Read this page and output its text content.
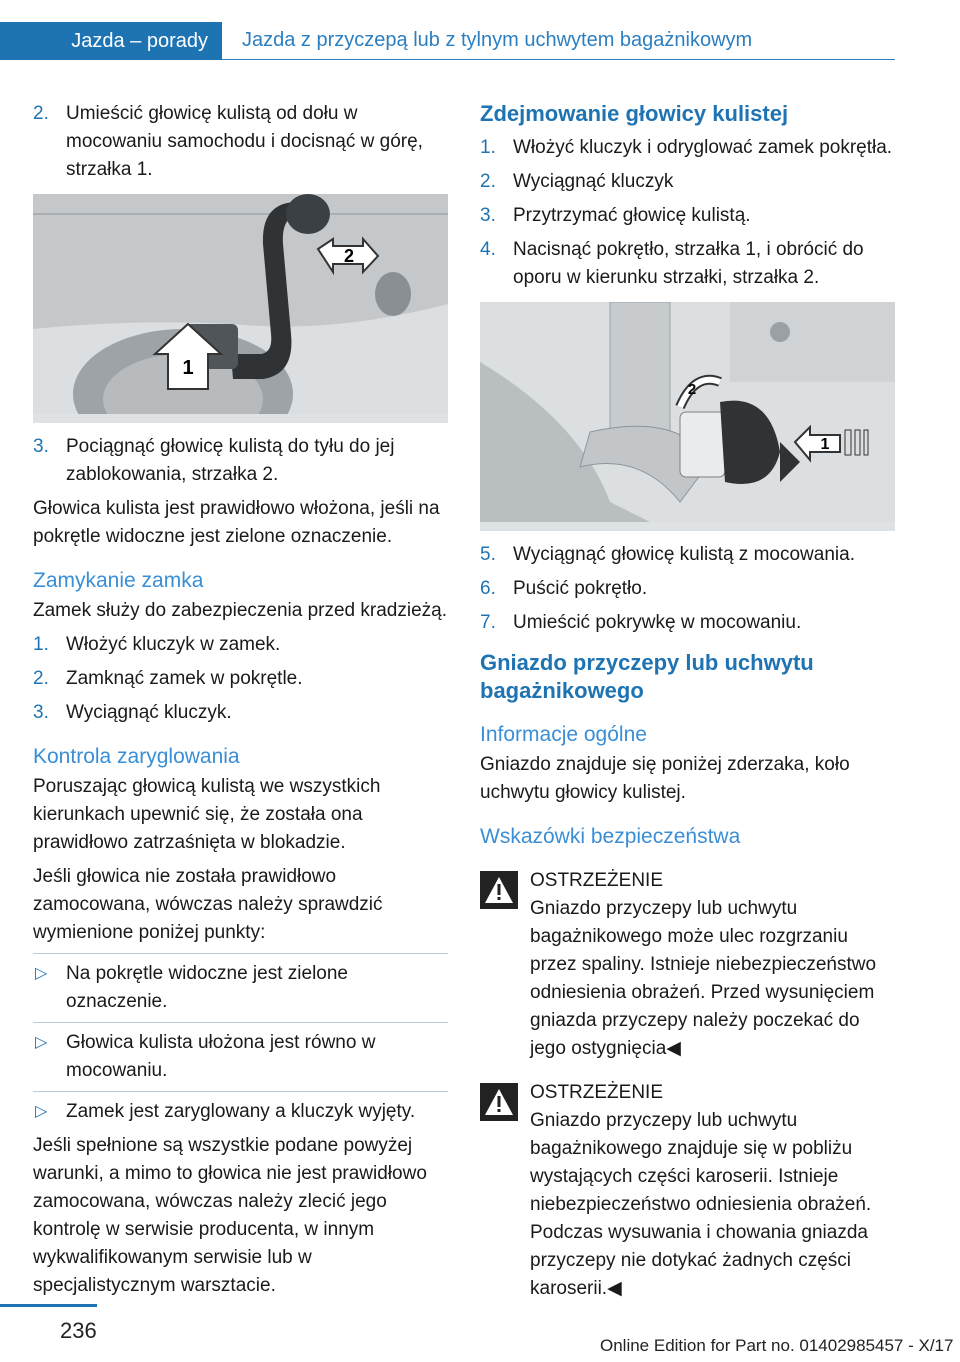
Jazda – porady	Jazda z przyczepą lub z tylnym uchwytem bagażnikowym
2. Umieścić głowicę kulistą od dołu w mocowaniu samochodu i docisnąć w górę, strzałka 1.
1
2
3. Pociągnąć głowicę kulistą do tyłu do jej zablokowania, strzałka 2.

Głowica kulista jest prawidłowo włożona, jeśli na pokrętle widoczne jest zielone oznaczenie.

Zamykanie zamka

Zamek służy do zabezpieczenia przed kradzieżą.

1. Włożyć kluczyk w zamek.
2. Zamknąć zamek w pokrętle.
3. Wyciągnąć kluczyk.
Kontrola zaryglowania

Poruszając głowicą kulistą we wszystkich kierunkach upewnić się, że została ona prawidłowo zatrzaśnięta w blokadzie.

Jeśli głowica nie została prawidłowo zamocowana, wówczas należy sprawdzić wymienione poniżej punkty:

▷ Na pokrętle widoczne jest zielone oznaczenie.
▷ Głowica kulista ułożona jest równo w mocowaniu.
▷ Zamek jest zaryglowany a kluczyk wyjęty.

Jeśli spełnione są wszystkie podane powyżej warunki, a mimo to głowica nie jest prawidłowo zamocowana, wówczas należy zlecić jego kontrolę w serwisie producenta, w innym wykwalifikowanym serwisie lub w specjalistycznym warsztacie.

Zdejmowanie głowicy kulistej
1. Włożyć kluczyk i odryglować zamek pokrętła.
2. Wyciągnąć kluczyk
3. Przytrzymać głowicę kulistą.
4. Nacisnąć pokrętło, strzałka 1, i obrócić do oporu w kierunku strzałki, strzałka 2.
1
2
5. Wyciągnąć głowicę kulistą z mocowania.
6. Puścić pokrętło.
7. Umieścić pokrywkę w mocowaniu.
Gniazdo przyczepy lub uchwytu bagażnikowego
Informacje ogólne

Gniazdo znajduje się poniżej zderzaka, koło uchwytu głowicy kulistej.

Wskazówki bezpieczeństwa
OSTRZEŻENIE
Gniazdo przyczepy lub uchwytu bagażnikowego może ulec rozgrzaniu przez spaliny. Istnieje niebezpieczeństwo odniesienia obrażeń. Przed wysunięciem gniazda przyczepy należy poczekać do jego ostygnięcia◀
OSTRZEŻENIE
Gniazdo przyczepy lub uchwytu bagażnikowego znajduje się w pobliżu wystających części karoserii. Istnieje niebezpieczeństwo odniesienia obrażeń. Podczas wysuwania i chowania gniazda przyczepy nie dotykać żadnych części karoserii.◀
236
Online Edition for Part no. 01402985457 - X/17
